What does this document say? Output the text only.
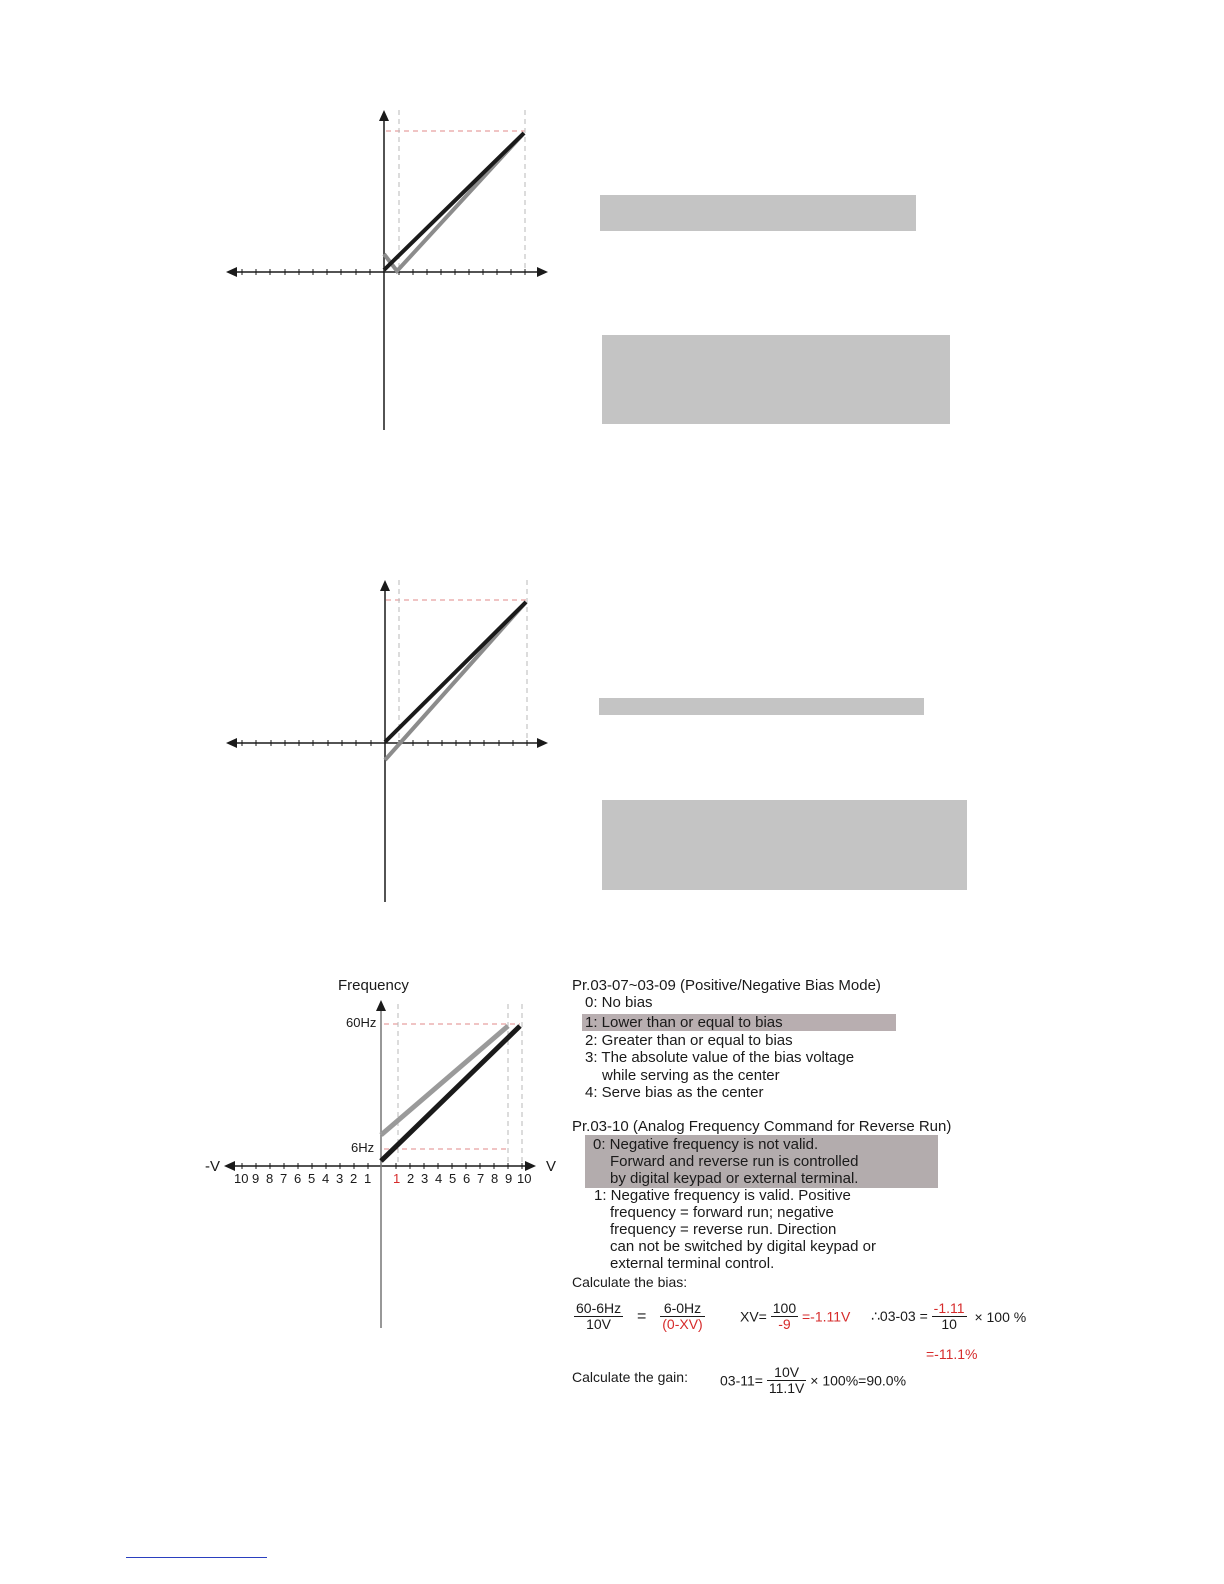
Frequency
60Hz
6Hz
-V	V
10 9 8 7 6 5 4 3 2 1 1 2 3 4 5 6 7 8 9 10
Pr.03-07~03-09 (Positive/Negative Bias Mode)
0: No bias
1: Lower than or equal to bias
2: Greater than or equal to bias
3: The absolute value of the bias voltage
while serving as the center
4: Serve bias as the center
Pr.03-10 (Analog Frequency Command for Reverse Run)
0: Negative frequency is not valid.
Forward and reverse run is controlled
by digital keypad or external terminal.
1: Negative frequency is valid. Positive
frequency = forward run; negative
frequency = reverse run. Direction
can not be switched by digital keypad or
external terminal control.
Calculate the bias:
$\frac{60-6Hz}{10V} = \frac{6-0Hz}{(0-XV)}$	$XV= \frac{100}{-9} =-1.11V$ ∴03-03 = $\frac{-1.11}{10} \times 100$ %
=-11.1%
Calculate the gain: $03-11= \frac{10V}{11.1V} \times 100\%=90.0\%$
